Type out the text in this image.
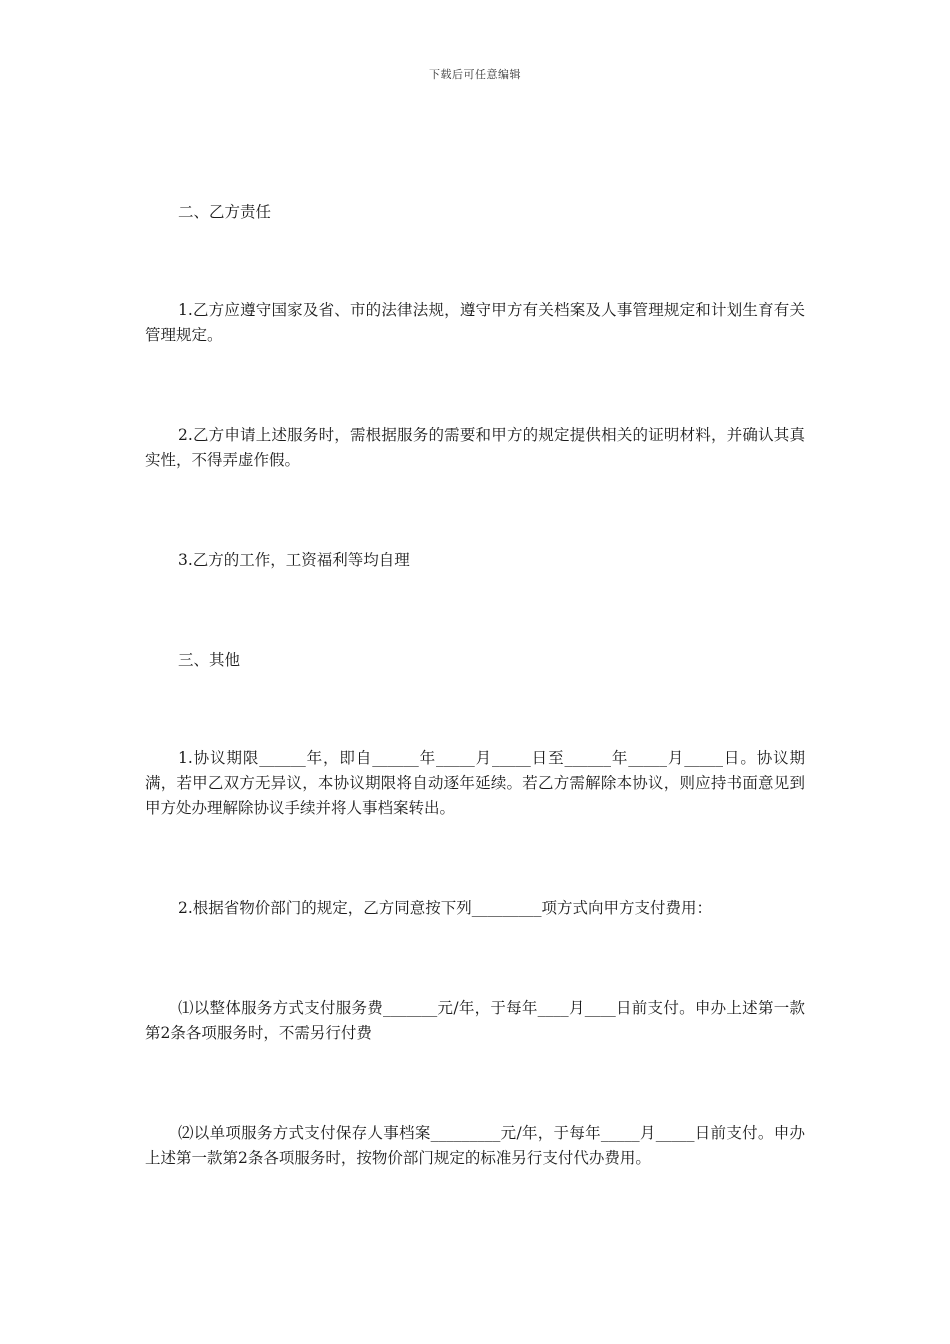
下载后可任意编辑

二、乙方责任

1.乙方应遵守国家及省、市的法律法规，遵守甲方有关档案及人事管理规定和计划生育有关管理规定。

2.乙方申请上述服务时，需根据服务的需要和甲方的规定提供相关的证明材料，并确认其真实性，不得弄虚作假。

3.乙方的工作，工资福利等均自理

三、其他

1.协议期限______年，即自______年_____月_____日至______年_____月_____日。协议期满，若甲乙双方无异议，本协议期限将自动逐年延续。若乙方需解除本协议，则应持书面意见到甲方处办理解除协议手续并将人事档案转出。

2.根据省物价部门的规定，乙方同意按下列_________项方式向甲方支付费用：

⑴以整体服务方式支付服务费_______元/年，于每年____月____日前支付。申办上述第一款第2条各项服务时，不需另行付费

⑵以单项服务方式支付保存人事档案_________元/年，于每年_____月_____日前支付。申办上述第一款第2条各项服务时，按物价部门规定的标准另行支付代办费用。
